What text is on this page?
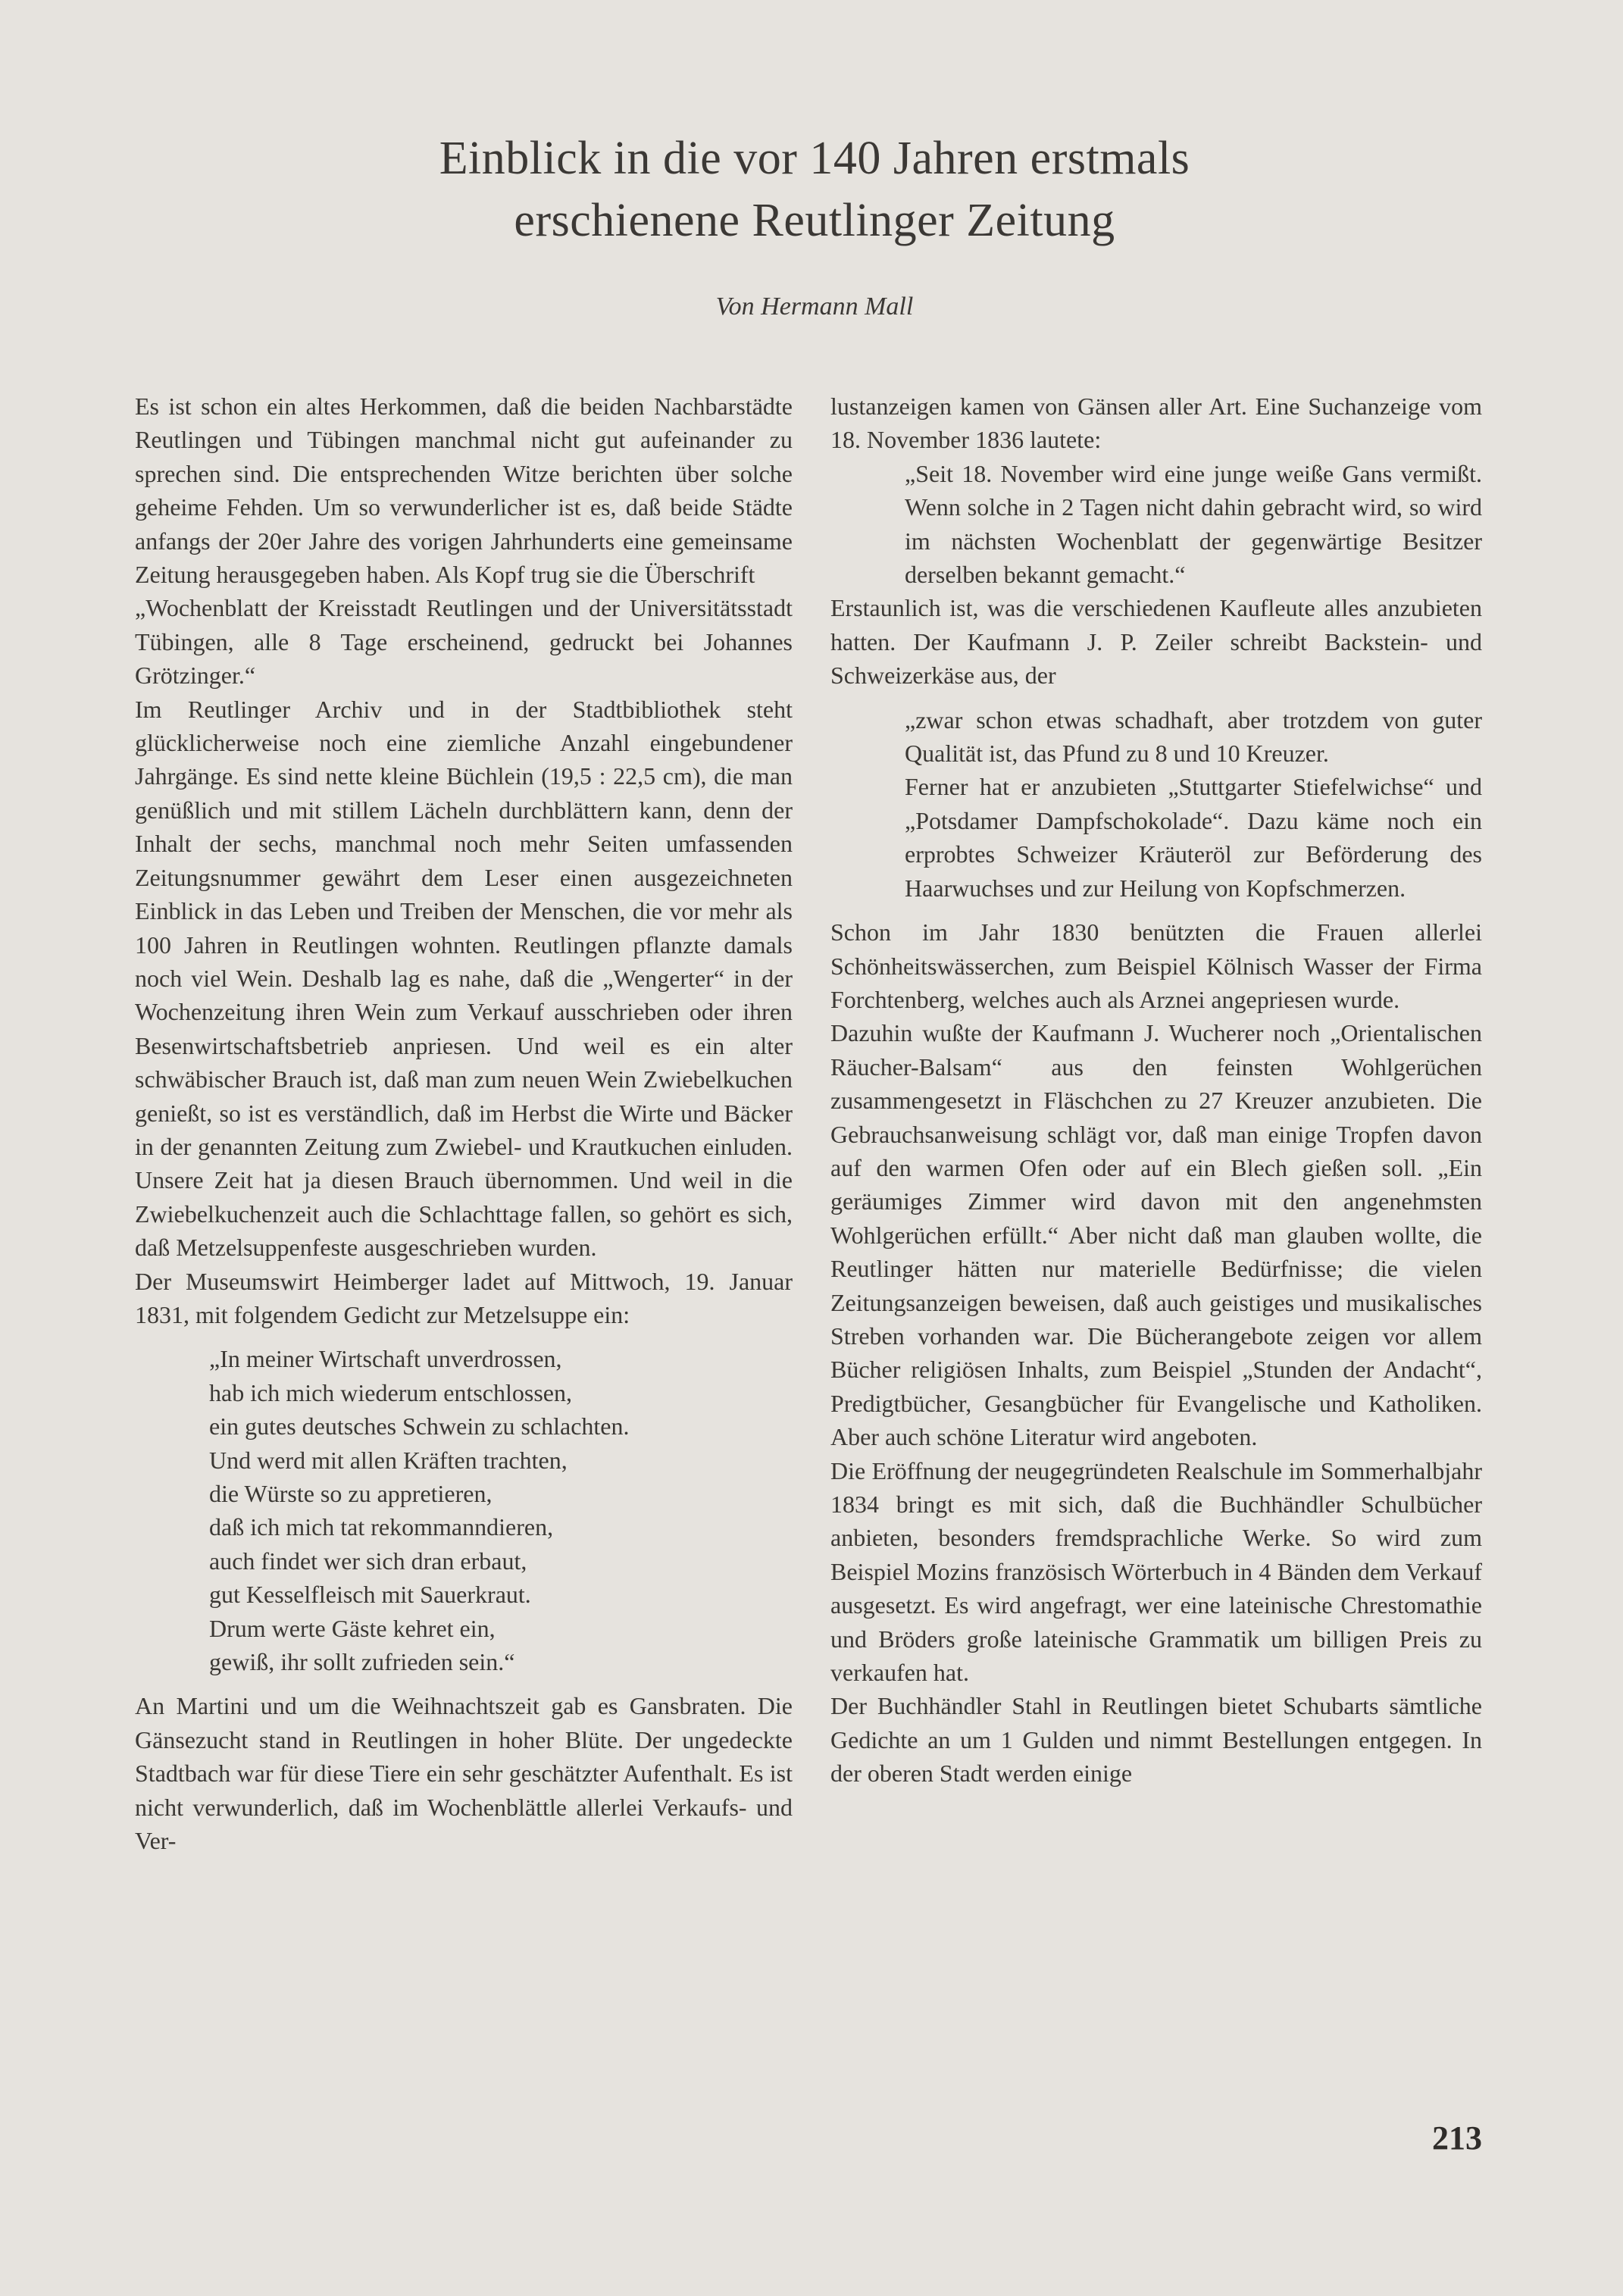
Einblick in die vor 140 Jahren erstmals
erschienene Reutlinger Zeitung
Von Hermann Mall

Es ist schon ein altes Herkommen, daß die beiden Nachbarstädte Reutlingen und Tübingen manchmal nicht gut aufeinander zu sprechen sind. Die entsprechenden Witze berichten über solche geheime Fehden. Um so verwunderlicher ist es, daß beide Städte anfangs der 20er Jahre des vorigen Jahrhunderts eine gemeinsame Zeitung herausgegeben haben. Als Kopf trug sie die Überschrift

„Wochenblatt der Kreisstadt Reutlingen und der Universitätsstadt Tübingen, alle 8 Tage erscheinend, gedruckt bei Johannes Grötzinger.“

Im Reutlinger Archiv und in der Stadtbibliothek steht glücklicherweise noch eine ziemliche Anzahl eingebundener Jahrgänge. Es sind nette kleine Büchlein (19,5 : 22,5 cm), die man genüßlich und mit stillem Lächeln durchblättern kann, denn der Inhalt der sechs, manchmal noch mehr Seiten umfassenden Zeitungsnummer gewährt dem Leser einen ausgezeichneten Einblick in das Leben und Treiben der Menschen, die vor mehr als 100 Jahren in Reutlingen wohnten. Reutlingen pflanzte damals noch viel Wein. Deshalb lag es nahe, daß die „Wengerter“ in der Wochenzeitung ihren Wein zum Verkauf ausschrieben oder ihren Besenwirtschaftsbetrieb anpriesen. Und weil es ein alter schwäbischer Brauch ist, daß man zum neuen Wein Zwiebelkuchen genießt, so ist es verständlich, daß im Herbst die Wirte und Bäcker in der genannten Zeitung zum Zwiebel- und Krautkuchen einluden. Unsere Zeit hat ja diesen Brauch übernommen. Und weil in die Zwiebelkuchenzeit auch die Schlachttage fallen, so gehört es sich, daß Metzelsuppenfeste ausgeschrieben wurden.

Der Museumswirt Heimberger ladet auf Mittwoch, 19. Januar 1831, mit folgendem Gedicht zur Metzelsuppe ein:

„In meiner Wirtschaft unverdrossen,
hab ich mich wiederum entschlossen,
ein gutes deutsches Schwein zu schlachten.
Und werd mit allen Kräften trachten,
die Würste so zu appretieren,
daß ich mich tat rekommanndieren,
auch findet wer sich dran erbaut,
gut Kesselfleisch mit Sauerkraut.
Drum werte Gäste kehret ein,
gewiß, ihr sollt zufrieden sein.“

An Martini und um die Weihnachtszeit gab es Gansbraten. Die Gänsezucht stand in Reutlingen in hoher Blüte. Der ungedeckte Stadtbach war für diese Tiere ein sehr geschätzter Aufenthalt. Es ist nicht verwunderlich, daß im Wochenblättle allerlei Verkaufs- und Ver-

lustanzeigen kamen von Gänsen aller Art. Eine Suchanzeige vom 18. November 1836 lautete:

„Seit 18. November wird eine junge weiße Gans vermißt. Wenn solche in 2 Tagen nicht dahin gebracht wird, so wird im nächsten Wochenblatt der gegenwärtige Besitzer derselben bekannt gemacht.“

Erstaunlich ist, was die verschiedenen Kaufleute alles anzubieten hatten. Der Kaufmann J. P. Zeiler schreibt Backstein- und Schweizerkäse aus, der

„zwar schon etwas schadhaft, aber trotzdem von guter Qualität ist, das Pfund zu 8 und 10 Kreuzer.

Ferner hat er anzubieten „Stuttgarter Stiefelwichse“ und „Potsdamer Dampfschokolade“. Dazu käme noch ein erprobtes Schweizer Kräuteröl zur Beförderung des Haarwuchses und zur Heilung von Kopfschmerzen.

Schon im Jahr 1830 benützten die Frauen allerlei Schönheitswässerchen, zum Beispiel Kölnisch Wasser der Firma Forchtenberg, welches auch als Arznei angepriesen wurde.

Dazuhin wußte der Kaufmann J. Wucherer noch „Orientalischen Räucher-Balsam“ aus den feinsten Wohlgerüchen zusammengesetzt in Fläschchen zu 27 Kreuzer anzubieten. Die Gebrauchsanweisung schlägt vor, daß man einige Tropfen davon auf den warmen Ofen oder auf ein Blech gießen soll. „Ein geräumiges Zimmer wird davon mit den angenehmsten Wohlgerüchen erfüllt.“ Aber nicht daß man glauben wollte, die Reutlinger hätten nur materielle Bedürfnisse; die vielen Zeitungsanzeigen beweisen, daß auch geistiges und musikalisches Streben vorhanden war. Die Bücherangebote zeigen vor allem Bücher religiösen Inhalts, zum Beispiel „Stunden der Andacht“, Predigtbücher, Gesangbücher für Evangelische und Katholiken. Aber auch schöne Literatur wird angeboten.

Die Eröffnung der neugegründeten Realschule im Sommerhalbjahr 1834 bringt es mit sich, daß die Buchhändler Schulbücher anbieten, besonders fremdsprachliche Werke. So wird zum Beispiel Mozins französisch Wörterbuch in 4 Bänden dem Verkauf ausgesetzt. Es wird angefragt, wer eine lateinische Chrestomathie und Bröders große lateinische Grammatik um billigen Preis zu verkaufen hat.

Der Buchhändler Stahl in Reutlingen bietet Schubarts sämtliche Gedichte an um 1 Gulden und nimmt Bestellungen entgegen. In der oberen Stadt werden einige

213
